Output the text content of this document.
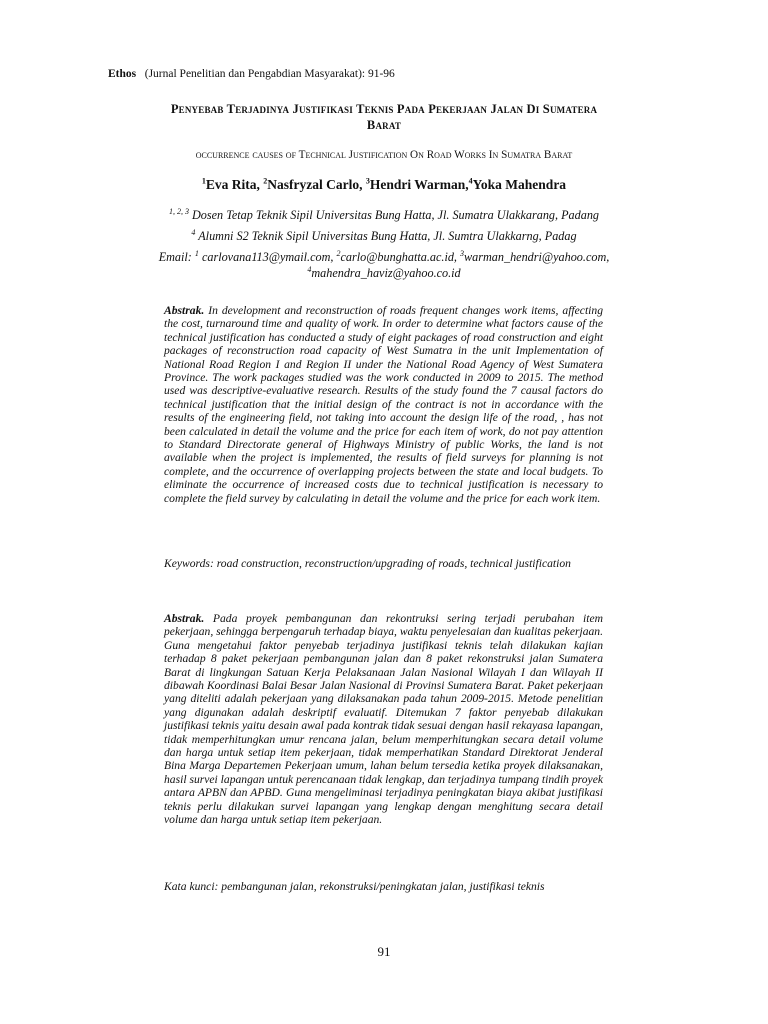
Ethos (Jurnal Penelitian dan Pengabdian Masyarakat): 91-96
Penyebab Terjadinya Justifikasi Teknis Pada Pekerjaan Jalan Di Sumatera
Barat
occurrence causes of Technical Justification On Road Works In Sumatra Barat
$^1$Eva Rita, $^2$Nasfryzal Carlo, $^3$Hendri Warman,$^4$Yoka Mahendra
$^{1, 2, 3}$ Dosen Tetap Teknik Sipil Universitas Bung Hatta, Jl. Sumatra Ulakkarang, Padang
$^4$ Alumni S2 Teknik Sipil Universitas Bung Hatta, Jl. Sumtra Ulakkarng, Padag
Email: $^1$ carlovana113@ymail.com, $^2$carlo@bunghatta.ac.id, $^3$warman_hendri@yahoo.com,
$^4$mahendra_haviz@yahoo.co.id

Abstrak. In development and reconstruction of roads frequent changes work items, affecting the cost, turnaround time and quality of work. In order to determine what factors cause of the technical justification has conducted a study of eight packages of road construction and eight packages of reconstruction road capacity of West Sumatra in the unit Implementation of National Road Region I and Region II under the National Road Agency of West Sumatera Province. The work packages studied was the work conducted in 2009 to 2015. The method used was descriptive-evaluative research. Results of the study found the 7 causal factors do technical justification that the initial design of the contract is not in accordance with the results of the engineering field, not taking into account the design life of the road, , has not been calculated in detail the volume and the price for each item of work, do not pay attention to Standard Directorate general of Highways Ministry of public Works, the land is not available when the project is implemented, the results of field surveys for planning is not complete, and the occurrence of overlapping projects between the state and local budgets. To eliminate the occurrence of increased costs due to technical justification is necessary to complete the field survey by calculating in detail the volume and the price for each work item.

Keywords: road construction, reconstruction/upgrading of roads, technical justification

Abstrak. Pada proyek pembangunan dan rekontruksi sering terjadi perubahan item pekerjaan, sehingga berpengaruh terhadap biaya, waktu penyelesaian dan kualitas pekerjaan. Guna mengetahui faktor penyebab terjadinya justifikasi teknis telah dilakukan kajian terhadap 8 paket pekerjaan pembangunan jalan dan 8 paket rekonstruksi jalan Sumatera Barat di lingkungan Satuan Kerja Pelaksanaan Jalan Nasional Wilayah I dan Wilayah II dibawah Koordinasi Balai Besar Jalan Nasional di Provinsi Sumatera Barat. Paket pekerjaan yang diteliti adalah pekerjaan yang dilaksanakan pada tahun 2009-2015. Metode penelitian yang digunakan adalah deskriptif evaluatif. Ditemukan 7 faktor penyebab dilakukan justifikasi teknis yaitu desain awal pada kontrak tidak sesuai dengan hasil rekayasa lapangan, tidak memperhitungkan umur rencana jalan, belum memperhitungkan secara detail volume dan harga untuk setiap item pekerjaan, tidak memperhatikan Standard Direktorat Jenderal Bina Marga Departemen Pekerjaan umum, lahan belum tersedia ketika proyek dilaksanakan, hasil survei lapangan untuk perencanaan tidak lengkap, dan terjadinya tumpang tindih proyek antara APBN dan APBD. Guna mengeliminasi terjadinya peningkatan biaya akibat justifikasi teknis perlu dilakukan survei lapangan yang lengkap dengan menghitung secara detail volume dan harga untuk setiap item pekerjaan.

Kata kunci: pembangunan jalan, rekonstruksi/peningkatan jalan, justifikasi teknis

91
